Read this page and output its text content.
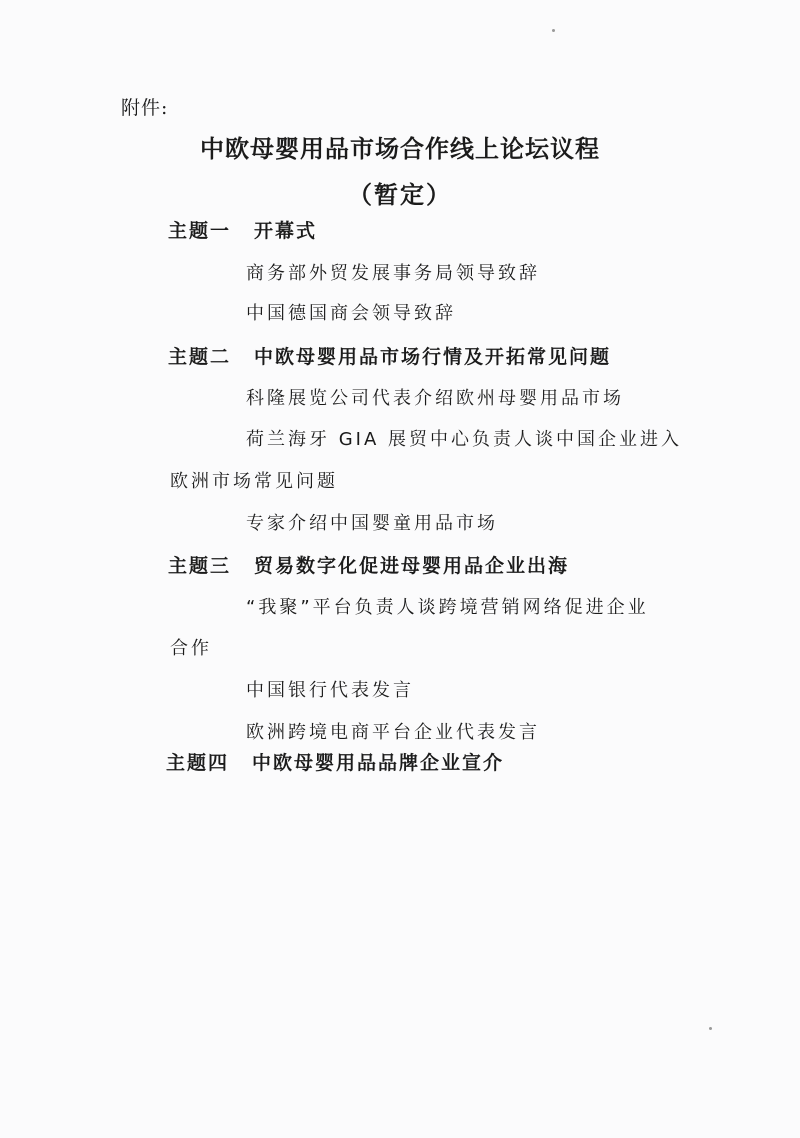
附件:
中欧母婴用品市场合作线上论坛议程
（暂定）
主题一 开幕式
商务部外贸发展事务局领导致辞
中国德国商会领导致辞
主题二 中欧母婴用品市场行情及开拓常见问题
科隆展览公司代表介绍欧州母婴用品市场
荷兰海牙 GIA 展贸中心负责人谈中国企业进入
欧洲市场常见问题
专家介绍中国婴童用品市场
主题三 贸易数字化促进母婴用品企业出海
“我聚”平台负责人谈跨境营销网络促进企业
合作
中国银行代表发言
欧洲跨境电商平台企业代表发言
主题四 中欧母婴用品品牌企业宣介
